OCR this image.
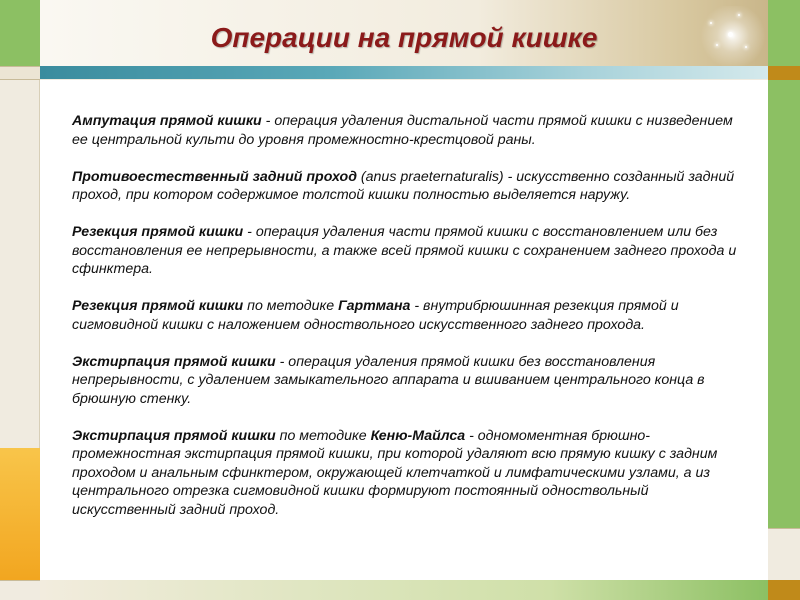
Операции на прямой кишке

Ампутация прямой кишки - операция удаления дистальной части прямой кишки с низведением ее центральной культи до уровня промежностно-крестцовой раны.

Противоестественный задний проход (anus praeternaturalis) - искусственно созданный задний проход, при котором содержимое толстой кишки полностью выделяется наружу.

Резекция прямой кишки - операция удаления части прямой кишки с восстановлением или без восстановления ее непрерывности, а также всей прямой кишки с сохранением заднего прохода и сфинктера.

Резекция прямой кишки по методике Гартмана - внутрибрюшинная резекция прямой и сигмовидной кишки с наложением одноствольного искусственного заднего прохода.

Экстирпация прямой кишки - операция удаления прямой кишки без восстановления непрерывности, с удалением замыкательного аппарата и вшиванием центрального конца в брюшную стенку.

Экстирпация прямой кишки по методике Кеню-Майлса - одномоментная брюшно-промежностная экстирпация прямой кишки, при которой удаляют всю прямую кишку с задним проходом и анальным сфинктером, окружающей клетчаткой и лимфатическими узлами, а из центрального отрезка сигмовидной кишки формируют постоянный одноствольный искусственный задний проход.
